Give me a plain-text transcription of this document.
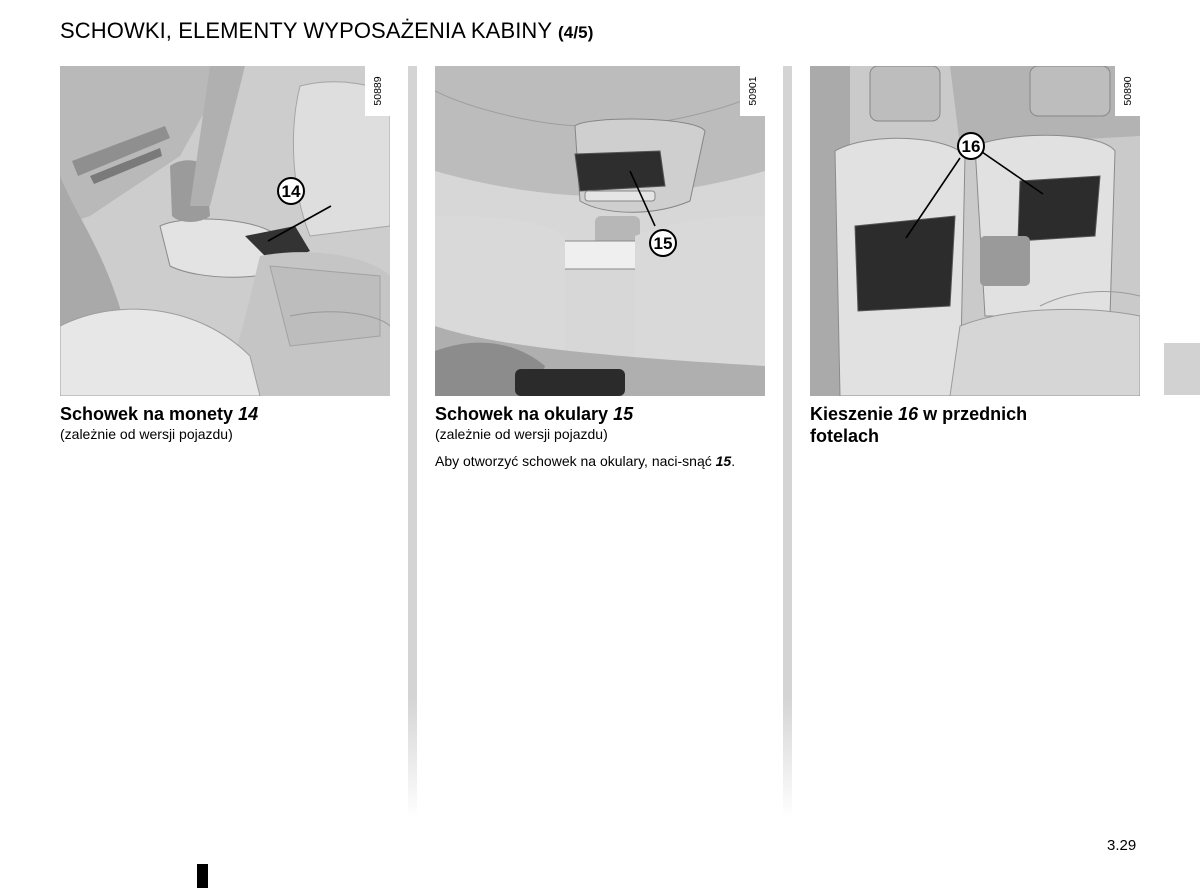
SCHOWKI, ELEMENTY WYPOSAŻENIA KABINY (4/5)
14
50889
Schowek na monety 14
(zależnie od wersji pojazdu)
15
50901
Schowek na okulary 15
(zależnie od wersji pojazdu)
Aby otworzyć schowek na okulary, naci-snąć 15.
16
50890
Kieszenie 16 w przednich
fotelach
3.29
